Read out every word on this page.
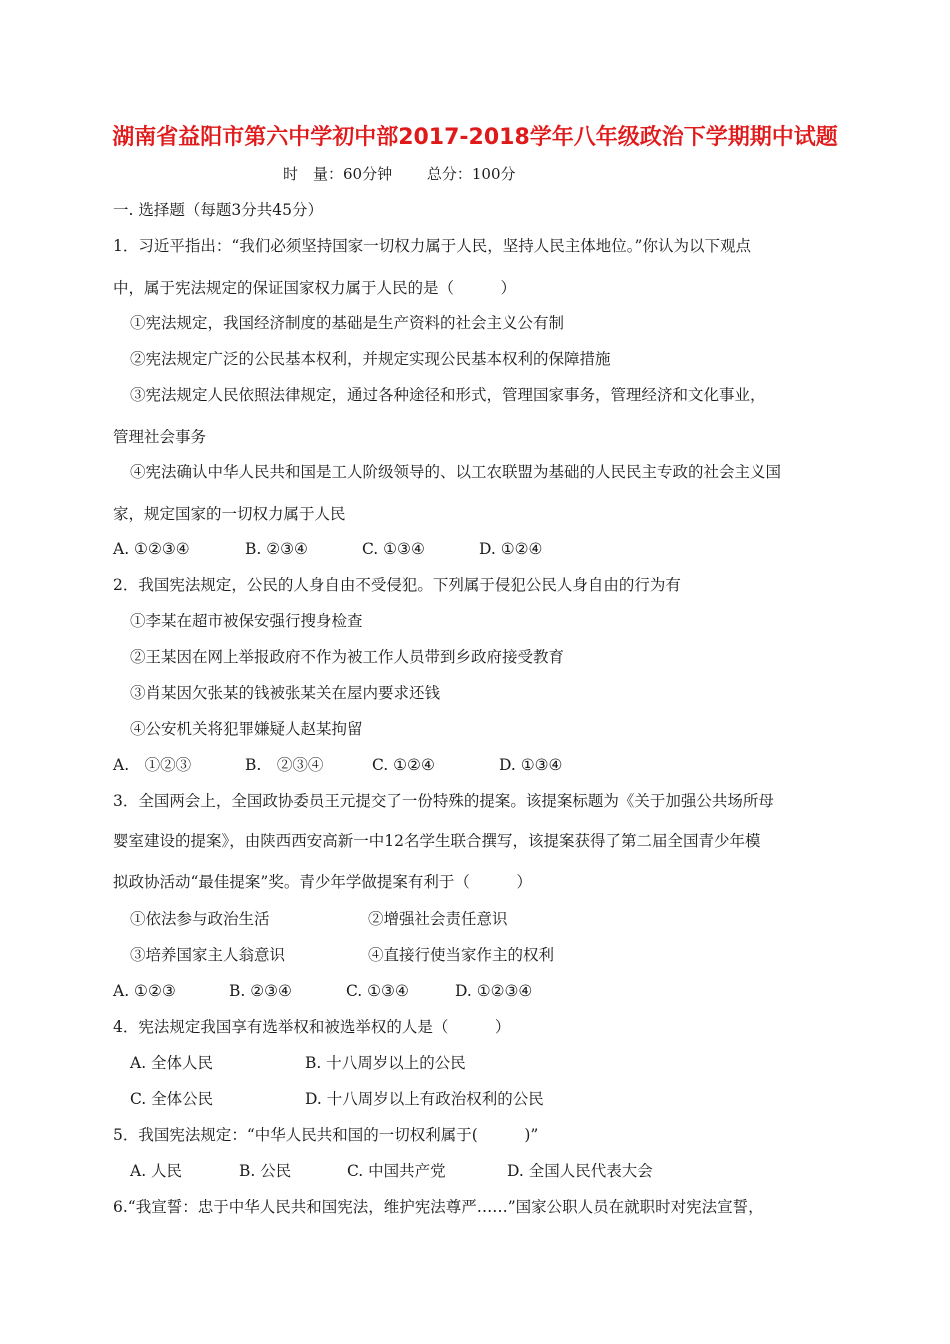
湖南省益阳市第六中学初中部2017-2018学年八年级政治下学期期中试题
时　量：60分钟 总分：100分
一. 选择题（每题3分共45分）
1．习近平指出：“我们必须坚持国家一切权力属于人民，坚持人民主体地位。”你认为以下观点
中，属于宪法规定的保证国家权力属于人民的是（　　　）
①宪法规定，我国经济制度的基础是生产资料的社会主义公有制
②宪法规定广泛的公民基本权利，并规定实现公民基本权利的保障措施
③宪法规定人民依照法律规定，通过各种途径和形式，管理国家事务，管理经济和文化事业，
管理社会事务
④宪法确认中华人民共和国是工人阶级领导的、以工农联盟为基础的人民民主专政的社会主义国
家，规定国家的一切权力属于人民
A. ①②③④	B. ②③④	C. ①③④	D. ①②④
2．我国宪法规定，公民的人身自由不受侵犯。下列属于侵犯公民人身自由的行为有
①李某在超市被保安强行搜身检查
②王某因在网上举报政府不作为被工作人员带到乡政府接受教育
③肖某因欠张某的钱被张某关在屋内要求还钱
④公安机关将犯罪嫌疑人赵某拘留
A.　①②③	B.　②③④	C. ①②④	D. ①③④
3．全国两会上，全国政协委员王元提交了一份特殊的提案。该提案标题为《关于加强公共场所母
婴室建设的提案》，由陕西西安高新一中12名学生联合撰写，该提案获得了第二届全国青少年模
拟政协活动“最佳提案”奖。青少年学做提案有利于（　　　）
①依法参与政治生活	②增强社会责任意识
③培养国家主人翁意识	④直接行使当家作主的权利
A. ①②③	B. ②③④	C. ①③④	D. ①②③④
4．宪法规定我国享有选举权和被选举权的人是（　　　）
A. 全体人民	B. 十八周岁以上的公民
C. 全体公民	D. 十八周岁以上有政治权利的公民
5．我国宪法规定：“中华人民共和国的一切权利属于(　　　)”
A. 人民	B. 公民	C. 中国共产党	D. 全国人民代表大会
6.“我宣誓：忠于中华人民共和国宪法，维护宪法尊严……”国家公职人员在就职时对宪法宣誓，
